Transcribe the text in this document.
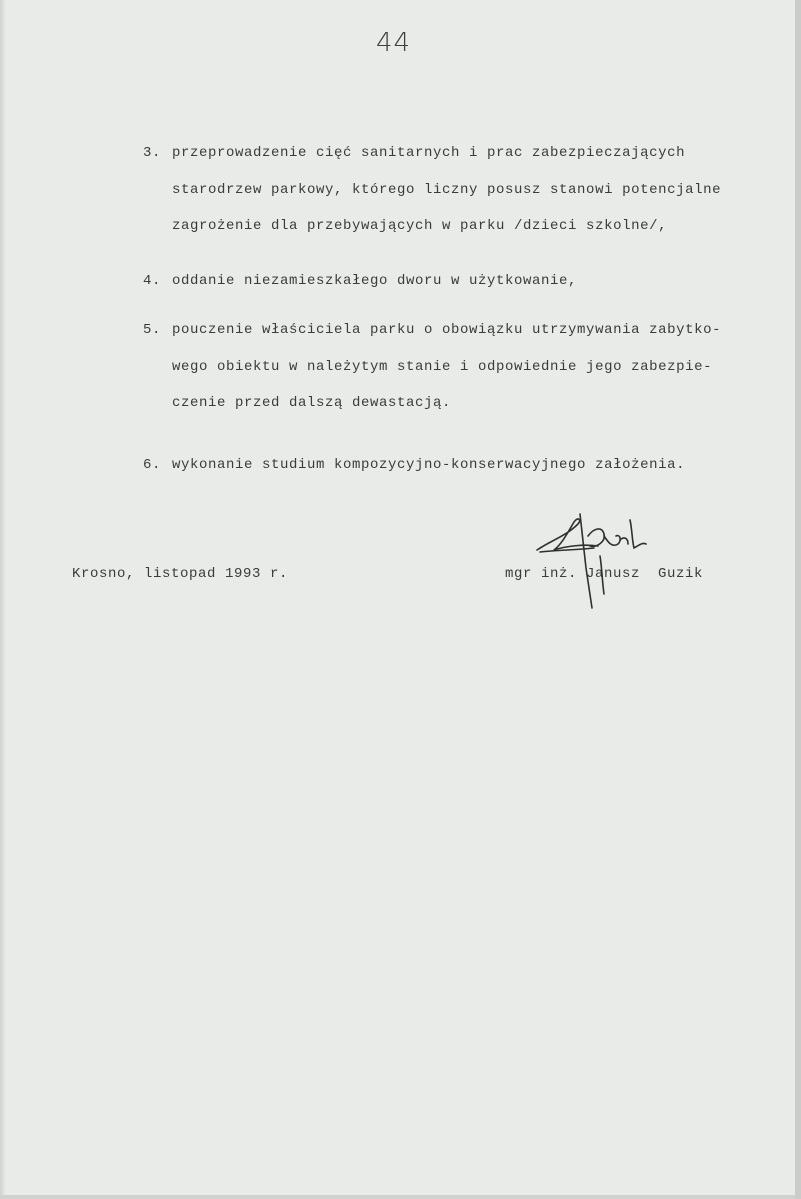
44
3. przeprowadzenie cięć sanitarnych i prac zabezpieczających
starodrzew parkowy, którego liczny posusz stanowi potencjalne
zagrożenie dla przebywających w parku /dzieci szkolne/,
4. oddanie niezamieszkałego dworu w użytkowanie,
5. pouczenie właściciela parku o obowiązku utrzymywania zabytko-
wego obiektu w należytym stanie i odpowiednie jego zabezpie-
czenie przed dalszą dewastacją.
6. wykonanie studium kompozycyjno-konserwacyjnego założenia.
Krosno, listopad 1993 r.	mgr inż. Janusz  Guzik
